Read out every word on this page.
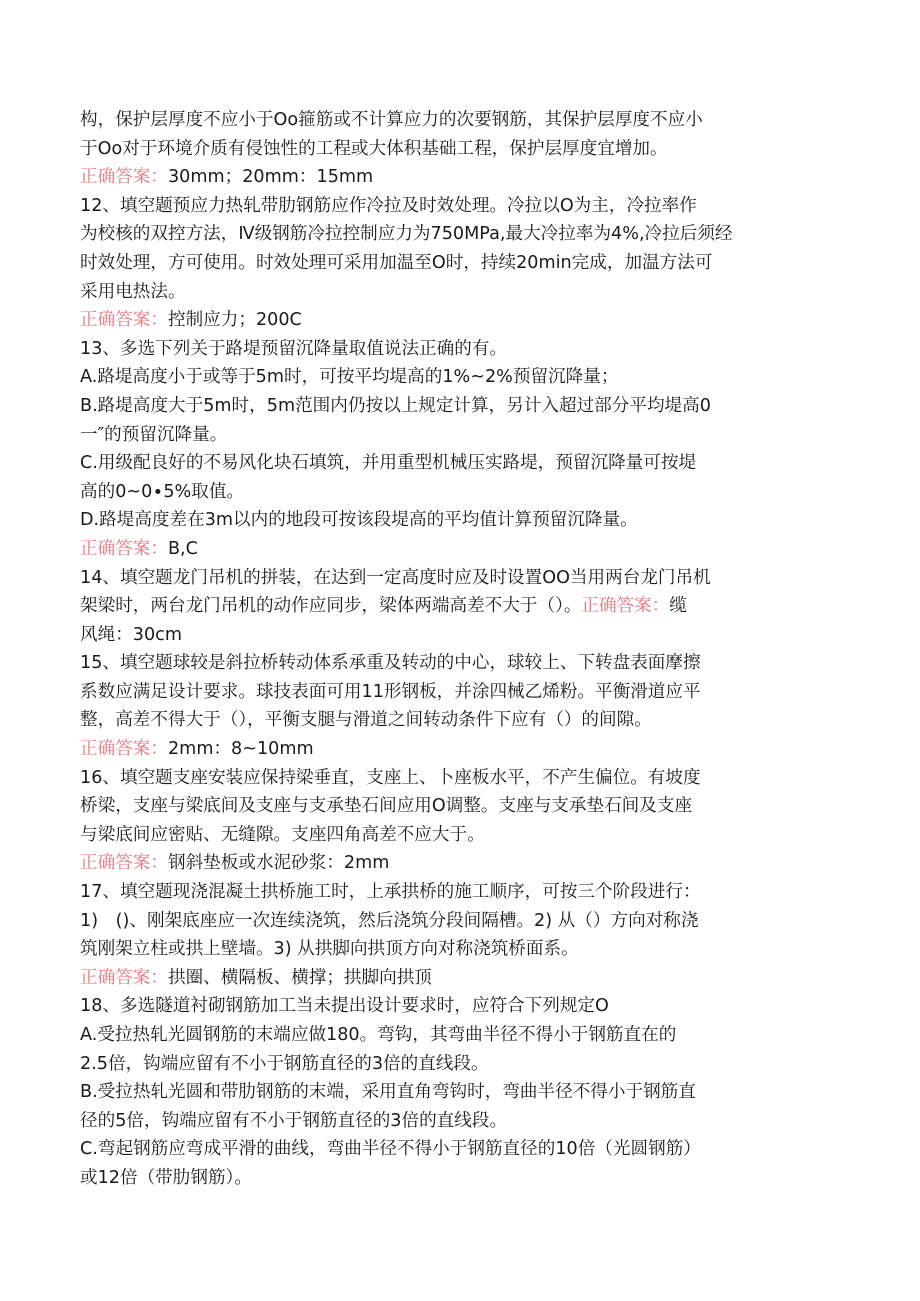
构，保护层厚度不应小于Oo箍筋或不计算应力的次要钢筋，其保护层厚度不应小
于Oo对于环境介质有侵蚀性的工程或大体积基础工程，保护层厚度宜增加。
正确答案：30mm；20mm：15mm
12、填空题预应力热轧带肋钢筋应作冷拉及时效处理。冷拉以O为主，冷拉率作
为校核的双控方法，Ⅳ级钢筋冷拉控制应力为750MPa,最大冷拉率为4%,冷拉后须经
时效处理，方可使用。时效处理可采用加温至O时，持续20min完成，加温方法可
采用电热法。
正确答案：控制应力；200C
13、多选下列关于路堤预留沉降量取值说法正确的有。
A.路堤高度小于或等于5m时，可按平均堤高的1%~2%预留沉降量；
B.路堤高度大于5m时，5m范围内仍按以上规定计算，另计入超过部分平均堤高0
一″的预留沉降量。
C.用级配良好的不易风化块石填筑，并用重型机械压实路堤，预留沉降量可按堤
高的0~0∙5%取值。
D.路堤高度差在3m以内的地段可按该段堤高的平均值计算预留沉降量。
正确答案：B,C
14、填空题龙门吊机的拼装，在达到一定高度时应及时设置OO当用两台龙门吊机
架梁时，两台龙门吊机的动作应同步，梁体两端高差不大于（）。正确答案：缆
风绳：30cm
15、填空题球较是斜拉桥转动体系承重及转动的中心，球较上、下转盘表面摩擦
系数应满足设计要求。球技表面可用11形钢板，并涂四械乙烯粉。平衡滑道应平
整，高差不得大于（），平衡支腿与滑道之间转动条件下应有（）的间隙。
正确答案：2mm：8~10mm
16、填空题支座安装应保持梁垂直，支座上、卜座板水平，不产生偏位。有坡度
桥梁，支座与梁底间及支座与支承垫石间应用O调整。支座与支承垫石间及支座
与梁底间应密贴、无缝隙。支座四角高差不应大于。
正确答案：钢斜垫板或水泥砂浆：2mm
17、填空题现浇混凝土拱桥施工时，上承拱桥的施工顺序，可按三个阶段进行：
1)　()、刚架底座应一次连续浇筑，然后浇筑分段间隔槽。2) 从（）方向对称浇
筑刚架立柱或拱上壁墙。3) 从拱脚向拱顶方向对称浇筑桥面系。
正确答案：拱圈、横隔板、横撑；拱脚向拱顶
18、多选隧道衬砌钢筋加工当未提出设计要求时，应符合下列规定O
A.受拉热轧光圆钢筋的末端应做180。弯钩，其弯曲半径不得小于钢筋直在的
2.5倍，钩端应留有不小于钢筋直径的3倍的直线段。
B.受拉热轧光圆和带肋钢筋的末端，采用直角弯钩时，弯曲半径不得小于钢筋直
径的5倍，钩端应留有不小于钢筋直径的3倍的直线段。
C.弯起钢筋应弯成平滑的曲线，弯曲半径不得小于钢筋直径的10倍（光圆钢筋）
或12倍（带肋钢筋）。
